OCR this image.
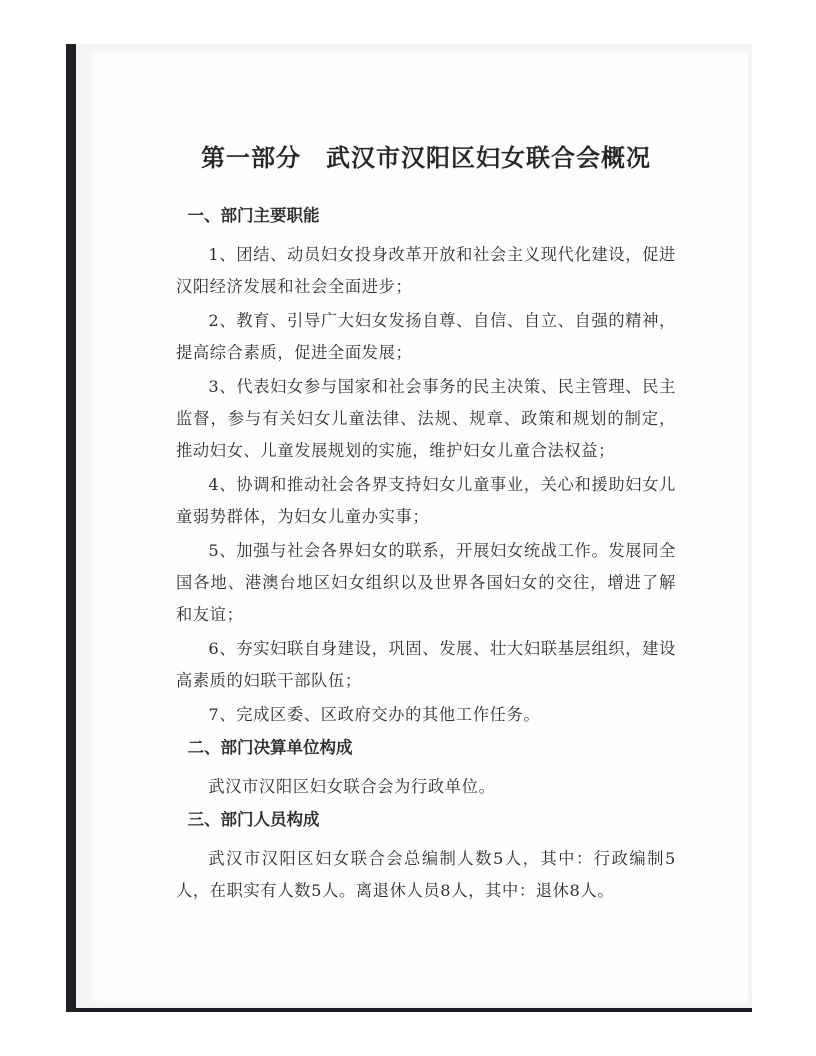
第一部分　武汉市汉阳区妇女联合会概况
一、部门主要职能

1、团结、动员妇女投身改革开放和社会主义现代化建设，促进汉阳经济发展和社会全面进步；

2、教育、引导广大妇女发扬自尊、自信、自立、自强的精神，提高综合素质，促进全面发展；

3、代表妇女参与国家和社会事务的民主决策、民主管理、民主监督，参与有关妇女儿童法律、法规、规章、政策和规划的制定，推动妇女、儿童发展规划的实施，维护妇女儿童合法权益；

4、协调和推动社会各界支持妇女儿童事业，关心和援助妇女儿童弱势群体，为妇女儿童办实事；

5、加强与社会各界妇女的联系，开展妇女统战工作。发展同全国各地、港澳台地区妇女组织以及世界各国妇女的交往，增进了解和友谊；

6、夯实妇联自身建设，巩固、发展、壮大妇联基层组织，建设高素质的妇联干部队伍；

7、完成区委、区政府交办的其他工作任务。

二、部门决算单位构成

武汉市汉阳区妇女联合会为行政单位。

三、部门人员构成

武汉市汉阳区妇女联合会总编制人数5人，其中：行政编制5人，在职实有人数5人。离退休人员8人，其中：退休8人。
